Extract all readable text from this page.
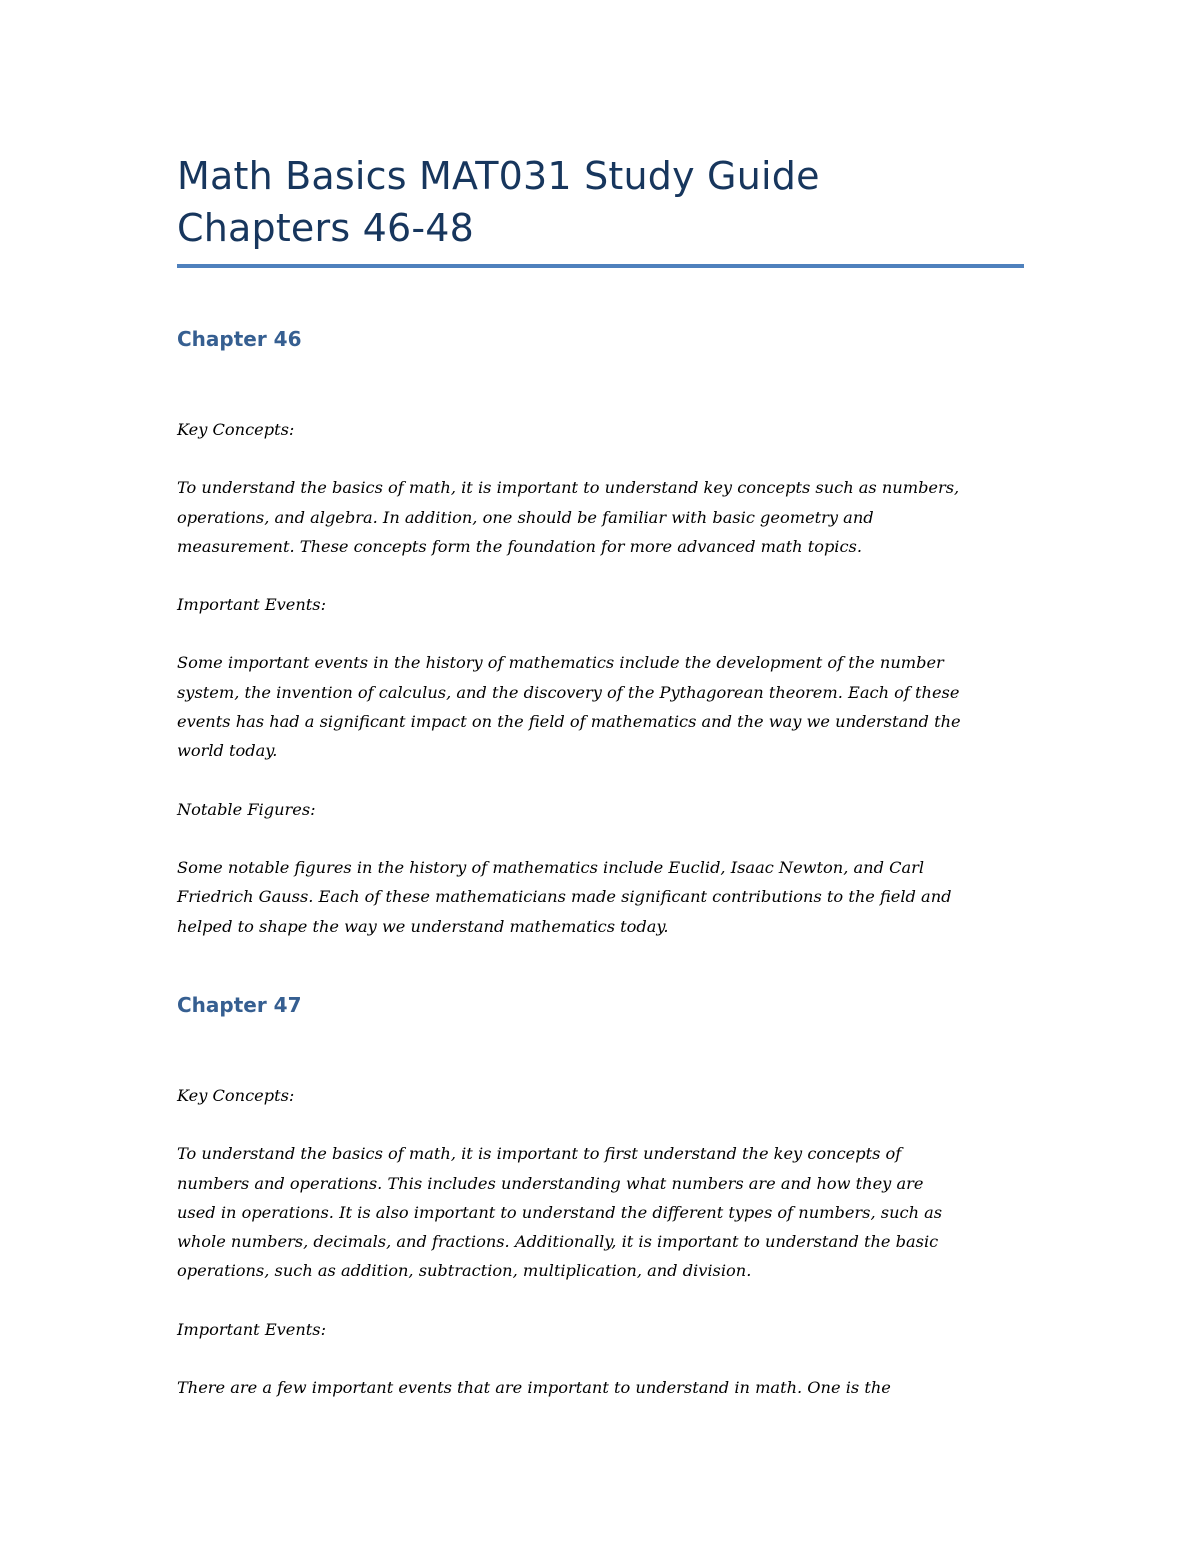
Math Basics MAT031 Study Guide
Chapters 46-48
Chapter 46

Key Concepts:

To understand the basics of math, it is important to understand key concepts such as numbers,

operations, and algebra. In addition, one should be familiar with basic geometry and

measurement. These concepts form the foundation for more advanced math topics.

Important Events:

Some important events in the history of mathematics include the development of the number

system, the invention of calculus, and the discovery of the Pythagorean theorem. Each of these

events has had a significant impact on the field of mathematics and the way we understand the

world today.

Notable Figures:

Some notable figures in the history of mathematics include Euclid, Isaac Newton, and Carl

Friedrich Gauss. Each of these mathematicians made significant contributions to the field and

helped to shape the way we understand mathematics today.

Chapter 47

Key Concepts:

To understand the basics of math, it is important to first understand the key concepts of

numbers and operations. This includes understanding what numbers are and how they are

used in operations. It is also important to understand the different types of numbers, such as

whole numbers, decimals, and fractions. Additionally, it is important to understand the basic

operations, such as addition, subtraction, multiplication, and division.

Important Events:

There are a few important events that are important to understand in math. One is the
